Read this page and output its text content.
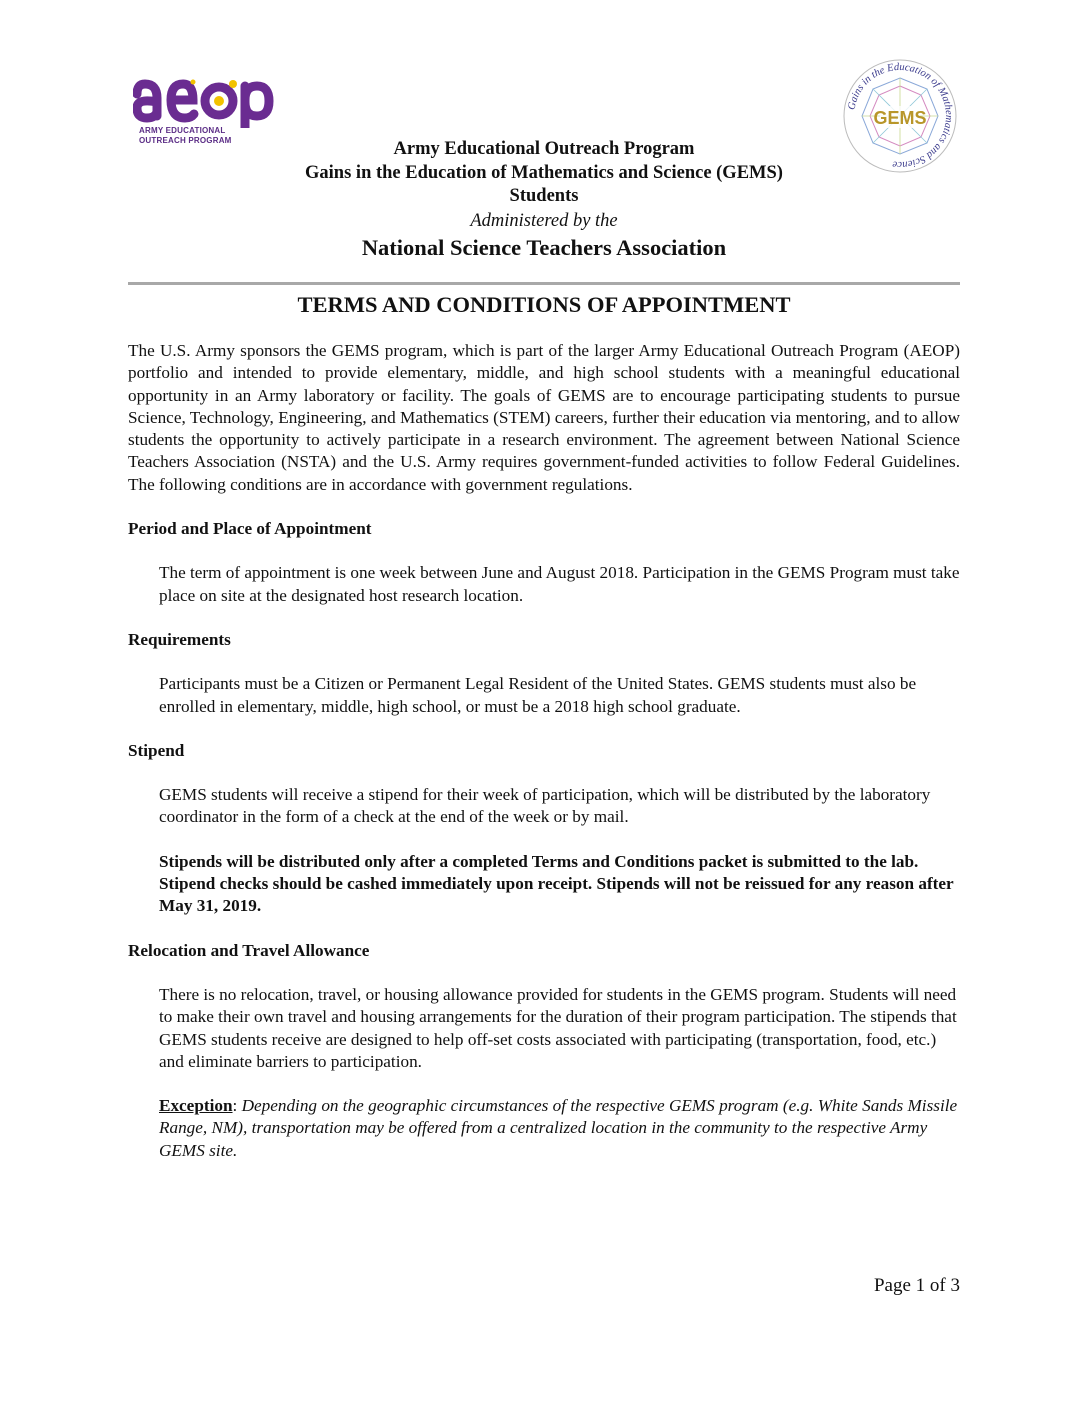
ARMY EDUCATIONAL
OUTREACH PROGRAM
Gains in the Education of Mathematics and Science
GEMS
Army Educational Outreach Program
Gains in the Education of Mathematics and Science (GEMS)
Students
Administered by the
National Science Teachers Association
TERMS AND CONDITIONS OF APPOINTMENT

The U.S. Army sponsors the GEMS program, which is part of the larger Army Educational Outreach Program (AEOP) portfolio and intended to provide elementary, middle, and high school students with a meaningful educational opportunity in an Army laboratory or facility. The goals of GEMS are to encourage participating students to pursue Science, Technology, Engineering, and Mathematics (STEM) careers, further their education via mentoring, and to allow students the opportunity to actively participate in a research environment. The agreement between National Science Teachers Association (NSTA) and the U.S. Army requires government-funded activities to follow Federal Guidelines. The following conditions are in accordance with government regulations.

Period and Place of Appointment

The term of appointment is one week between June and August 2018. Participation in the GEMS Program must take place on site at the designated host research location.

Requirements

Participants must be a Citizen or Permanent Legal Resident of the United States. GEMS students must also be enrolled in elementary, middle, high school, or must be a 2018 high school graduate.

Stipend

GEMS students will receive a stipend for their week of participation, which will be distributed by the laboratory coordinator in the form of a check at the end of the week or by mail.

Stipends will be distributed only after a completed Terms and Conditions packet is submitted to the lab. Stipend checks should be cashed immediately upon receipt. Stipends will not be reissued for any reason after May 31, 2019.

Relocation and Travel Allowance

There is no relocation, travel, or housing allowance provided for students in the GEMS program. Students will need to make their own travel and housing arrangements for the duration of their program participation. The stipends that GEMS students receive are designed to help off-set costs associated with participating (transportation, food, etc.) and eliminate barriers to participation.

Exception: Depending on the geographic circumstances of the respective GEMS program (e.g. White Sands Missile Range, NM), transportation may be offered from a centralized location in the community to the respective Army GEMS site.

Page 1 of 3
